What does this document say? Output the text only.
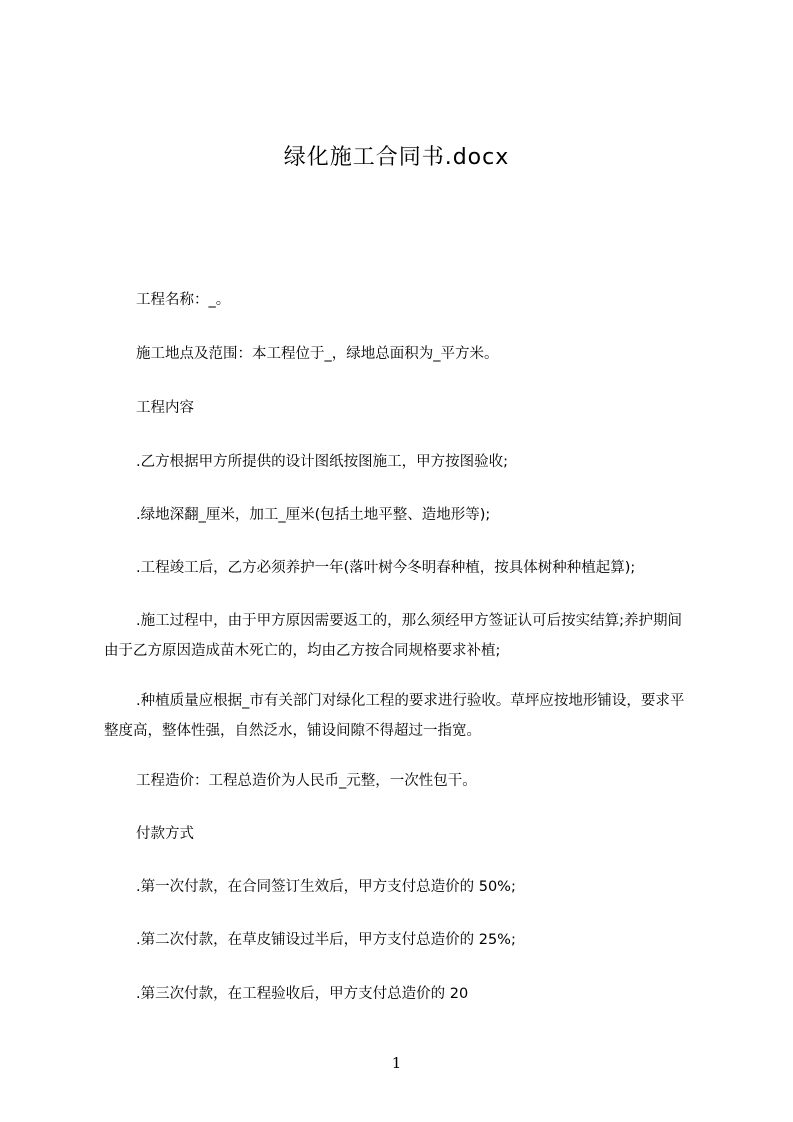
绿化施工合同书.docx
工程名称：_。
施工地点及范围：本工程位于_，绿地总面积为_平方米。
工程内容
.乙方根据甲方所提供的设计图纸按图施工，甲方按图验收;
.绿地深翻_厘米，加工_厘米(包括土地平整、造地形等);
.工程竣工后，乙方必须养护一年(落叶树今冬明春种植，按具体树种种植起算);
.施工过程中，由于甲方原因需要返工的，那么须经甲方签证认可后按实结算;养护期间由于乙方原因造成苗木死亡的，均由乙方按合同规格要求补植;
.种植质量应根据_市有关部门对绿化工程的要求进行验收。草坪应按地形铺设，要求平整度高，整体性强，自然泛水，铺设间隙不得超过一指宽。
工程造价：工程总造价为人民币_元整，一次性包干。
付款方式
.第一次付款，在合同签订生效后，甲方支付总造价的 50%;
.第二次付款，在草皮铺设过半后，甲方支付总造价的 25%;
.第三次付款，在工程验收后，甲方支付总造价的 20
1
